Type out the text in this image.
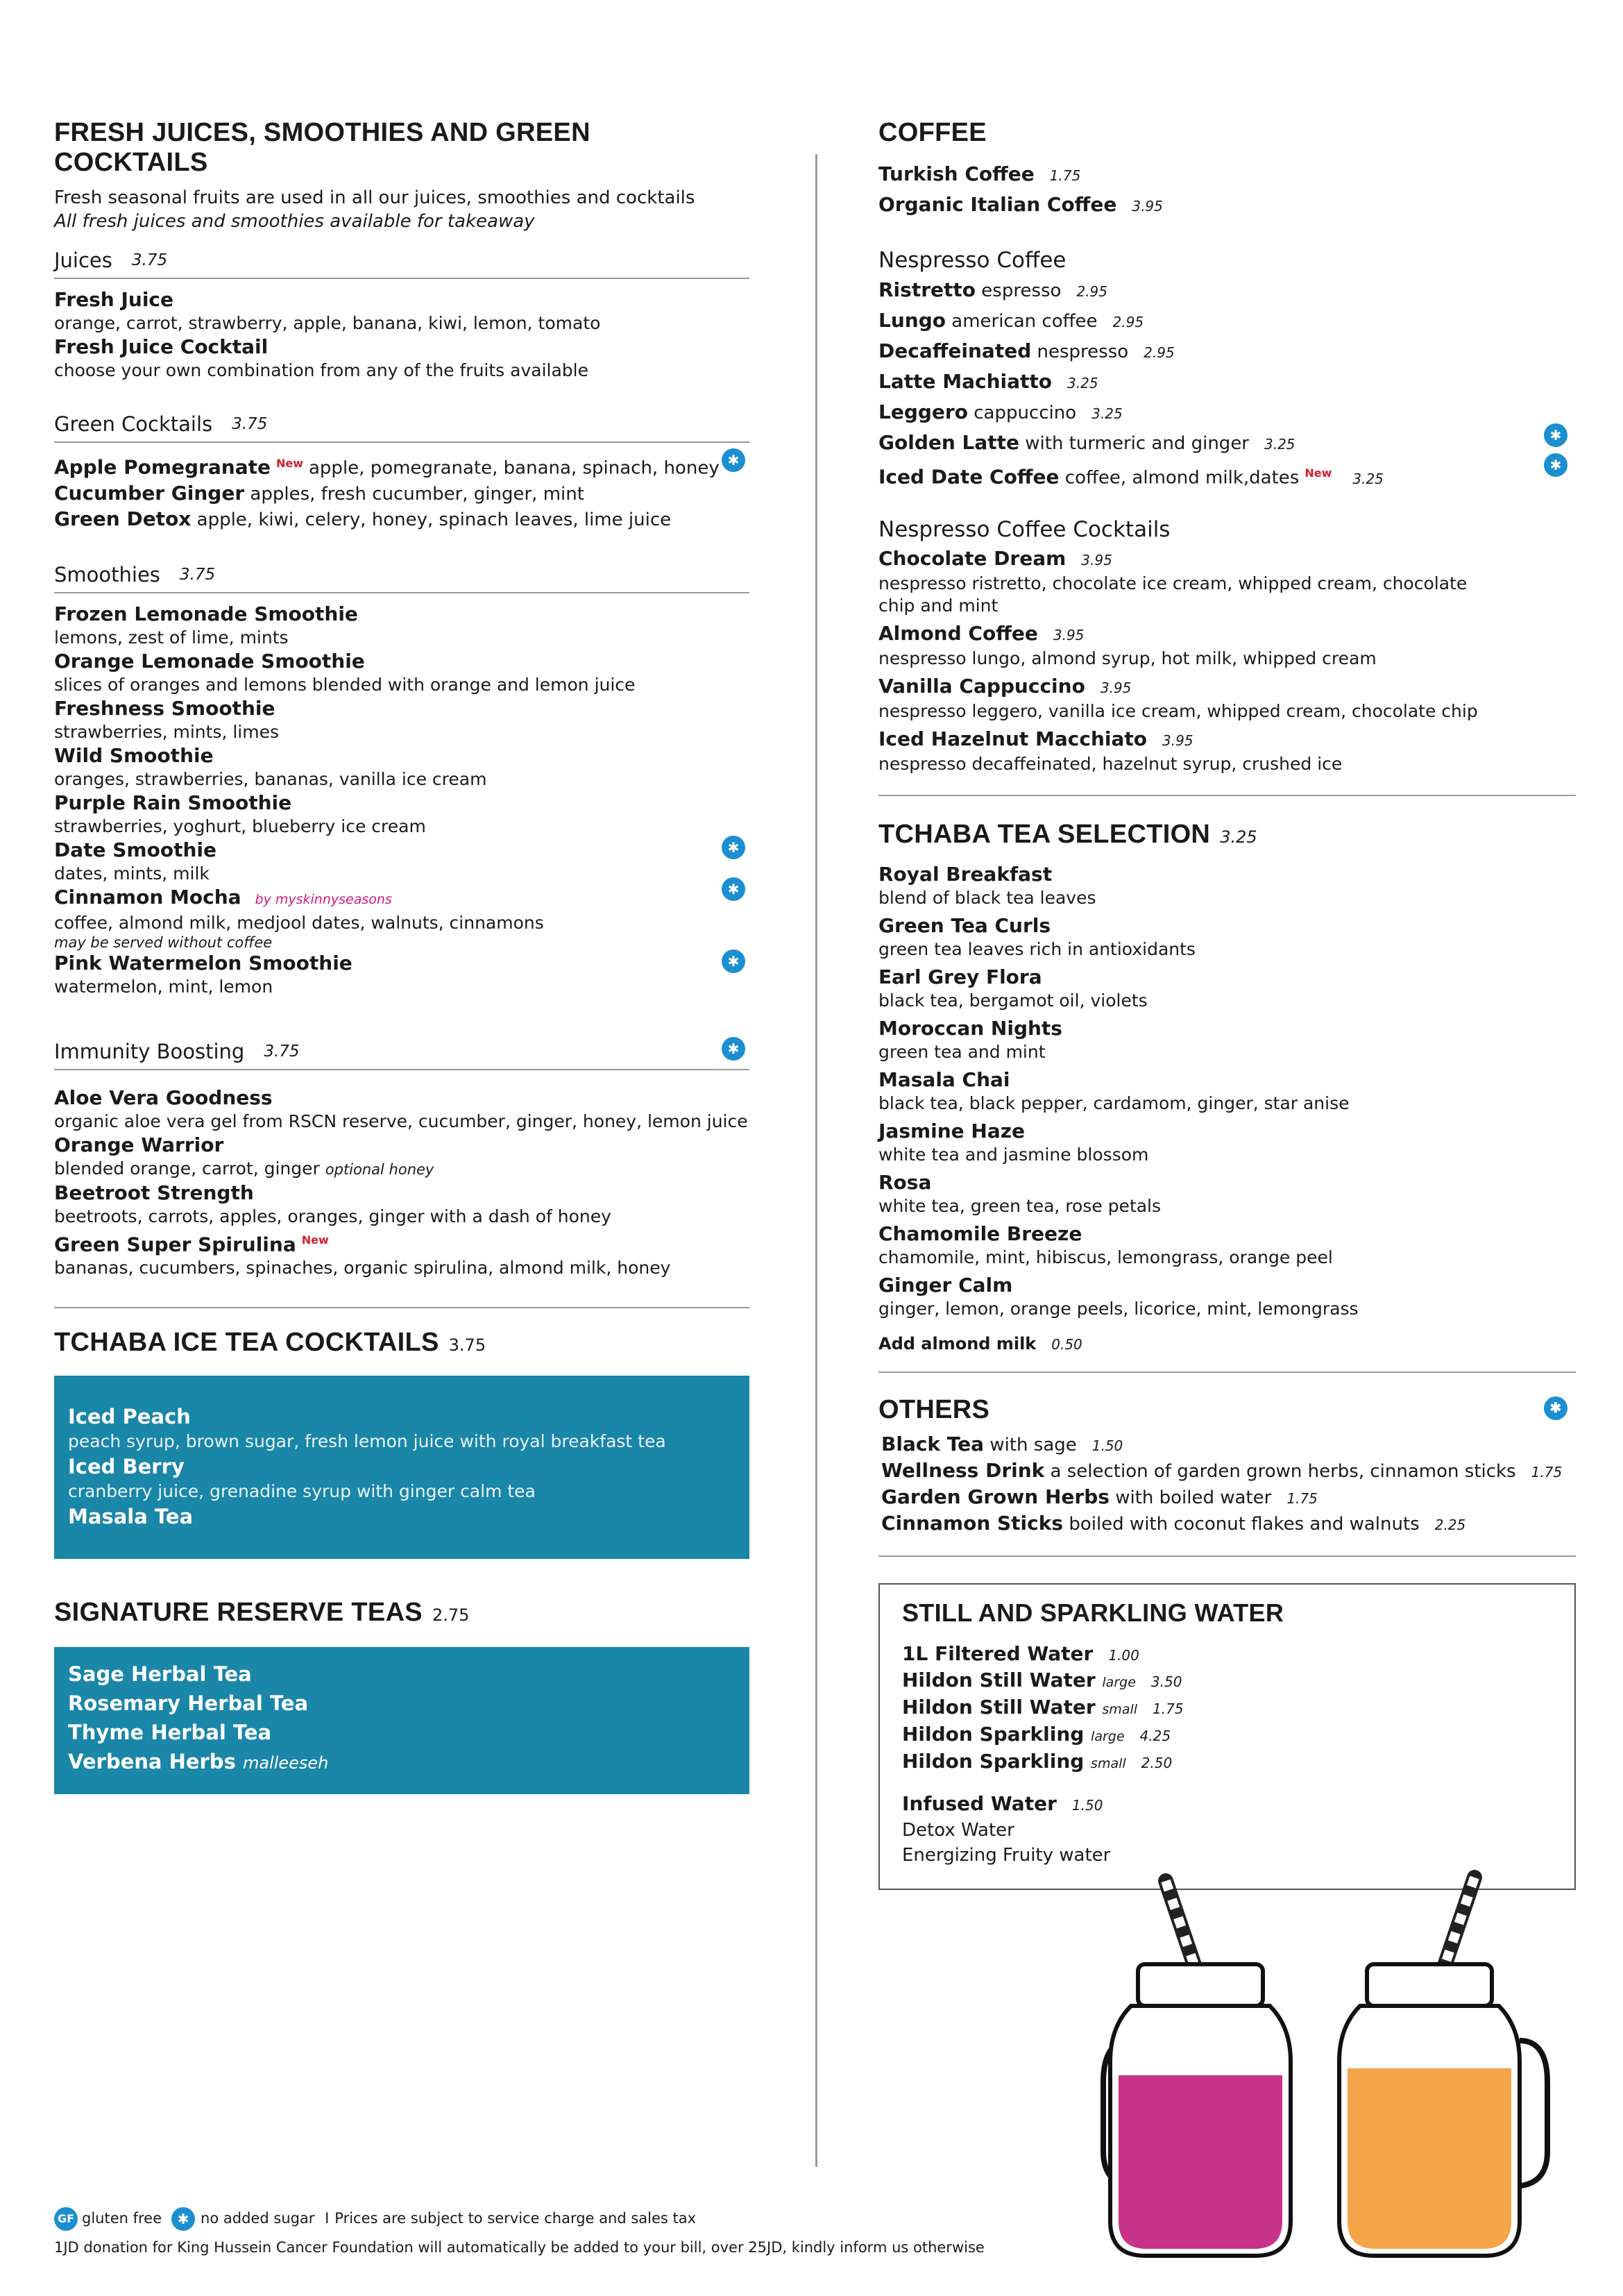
FRESH JUICES, SMOOTHIES AND GREEN COCKTAILS
Fresh seasonal fruits are used in all our juices, smoothies and cocktails
All fresh juices and smoothies available for takeaway
Juices 3.75
Fresh Juice
orange, carrot, strawberry, apple, banana, kiwi, lemon, tomato
Fresh Juice Cocktail
choose your own combination from any of the fruits available
Green Cocktails 3.75
✱
Apple Pomegranate $^{New}$ apple, pomegranate, banana, spinach, honey
Cucumber Ginger apples, fresh cucumber, ginger, mint
Green Detox apple, kiwi, celery, honey, spinach leaves, lime juice
Smoothies 3.75
✱
✱
✱
Frozen Lemonade Smoothie
lemons, zest of lime, mints
Orange Lemonade Smoothie
slices of oranges and lemons blended with orange and lemon juice
Freshness Smoothie
strawberries, mints, limes
Wild Smoothie
oranges, strawberries, bananas, vanilla ice cream
Purple Rain Smoothie
strawberries, yoghurt, blueberry ice cream
Date Smoothie
dates, mints, milk
Cinnamon Mocha by myskinnyseasons
coffee, almond milk, medjool dates, walnuts, cinnamons
may be served without coffee
Pink Watermelon Smoothie
watermelon, mint, lemon
Immunity Boosting 3.75	✱
Aloe Vera Goodness
organic aloe vera gel from RSCN reserve, cucumber, ginger, honey, lemon juice
Orange Warrior
blended orange, carrot, ginger optional honey
Beetroot Strength
beetroots, carrots, apples, oranges, ginger with a dash of honey
Green Super Spirulina $^{New}$
bananas, cucumbers, spinaches, organic spirulina, almond milk, honey
TCHABA ICE TEA COCKTAILS 3.75
Iced Peach
peach syrup, brown sugar, fresh lemon juice with royal breakfast tea
Iced Berry
cranberry juice, grenadine syrup with ginger calm tea
Masala Tea
SIGNATURE RESERVE TEAS 2.75
Sage Herbal Tea
Rosemary Herbal Tea
Thyme Herbal Tea
Verbena Herbs malleeseh
COFFEE
Turkish Coffee 1.75
Organic Italian Coffee 3.95
Nespresso Coffee
✱
✱
Ristretto espresso 2.95
Lungo american coffee 2.95
Decaffeinated nespresso 2.95
Latte Machiatto 3.25
Leggero cappuccino 3.25
Golden Latte with turmeric and ginger 3.25
Iced Date Coffee coffee, almond milk,dates $^{New}$ 3.25
Nespresso Coffee Cocktails
Chocolate Dream 3.95
nespresso ristretto, chocolate ice cream, whipped cream, chocolate chip and mint
Almond Coffee 3.95
nespresso lungo, almond syrup, hot milk, whipped cream
Vanilla Cappuccino 3.95
nespresso leggero, vanilla ice cream, whipped cream, chocolate chip
Iced Hazelnut Macchiato 3.95
nespresso decaffeinated, hazelnut syrup, crushed ice
TCHABA TEA SELECTION 3.25
Royal Breakfast
blend of black tea leaves
Green Tea Curls
green tea leaves rich in antioxidants
Earl Grey Flora
black tea, bergamot oil, violets
Moroccan Nights
green tea and mint
Masala Chai
black tea, black pepper, cardamom, ginger, star anise
Jasmine Haze
white tea and jasmine blossom
Rosa
white tea, green tea, rose petals
Chamomile Breeze
chamomile, mint, hibiscus, lemongrass, orange peel
Ginger Calm
ginger, lemon, orange peels, licorice, mint, lemongrass
Add almond milk 0.50
OTHERS	✱
Black Tea with sage 1.50
Wellness Drink a selection of garden grown herbs, cinnamon sticks 1.75
Garden Grown Herbs with boiled water 1.75
Cinnamon Sticks boiled with coconut flakes and walnuts 2.25
STILL AND SPARKLING WATER
1L Filtered Water 1.00
Hildon Still Water large 3.50
Hildon Still Water small 1.75
Hildon Sparkling large 4.25
Hildon Sparkling small 2.50
Infused Water 1.50
Detox Water
Energizing Fruity water
GF gluten free ✱ no added sugar I Prices are subject to service charge and sales tax
1JD donation for King Hussein Cancer Foundation will automatically be added to your bill, over 25JD, kindly inform us otherwise
